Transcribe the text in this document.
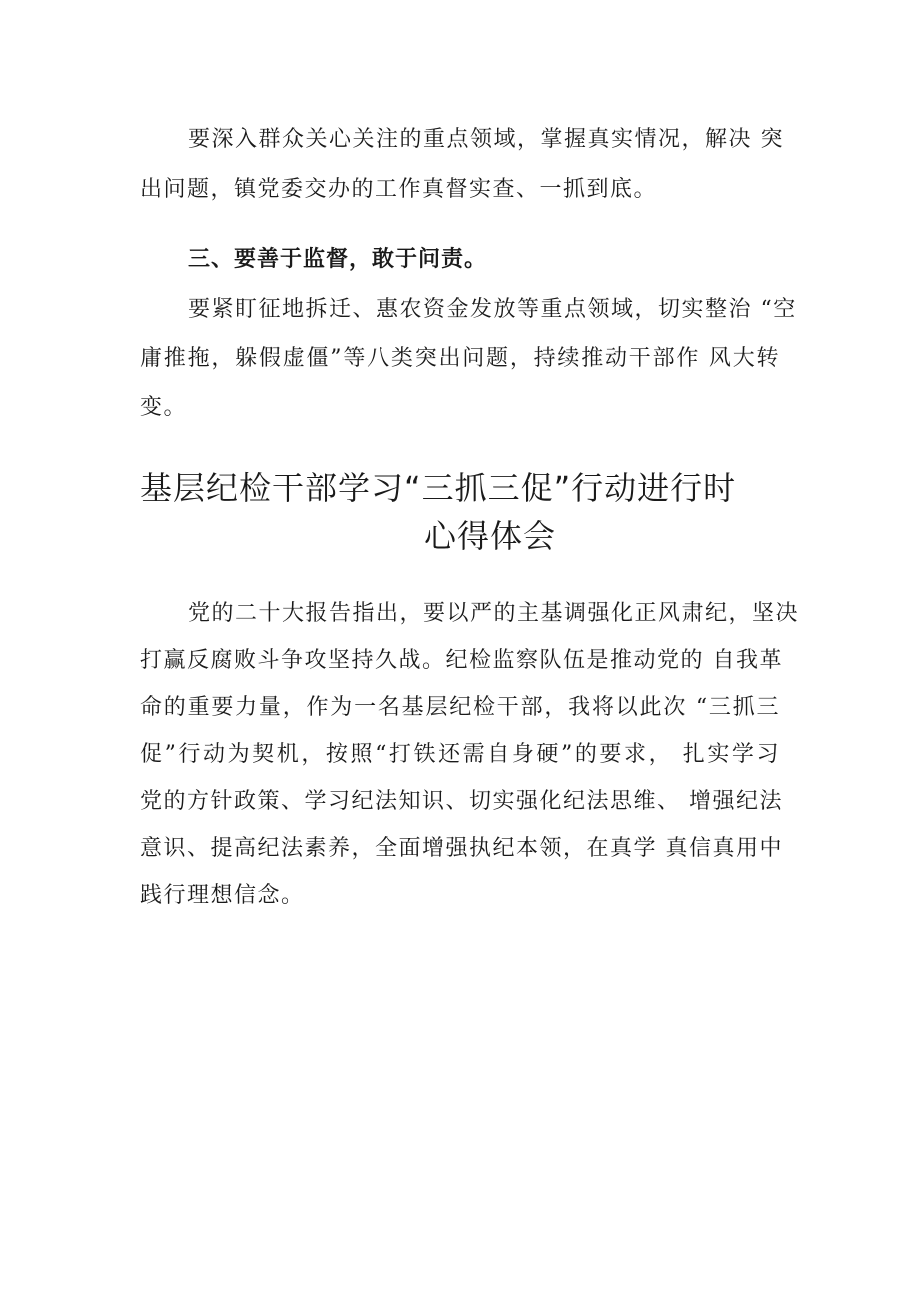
要深入群众关心关注的重点领域，掌握真实情况，解决 突
出问题，镇党委交办的工作真督实查、一抓到底。
三、要善于监督，敢于问责。
要紧盯征地拆迁、惠农资金发放等重点领域，切实整治 “空
庸推拖，躲假虚僵”等八类突出问题，持续推动干部作 风大转
变。
基层纪检干部学习“三抓三促”行动进行时
心得体会
党的二十大报告指出，要以严的主基调强化正风肃纪，坚决
打赢反腐败斗争攻坚持久战。纪检监察队伍是推动党的 自我革
命的重要力量，作为一名基层纪检干部，我将以此次 “三抓三
促”行动为契机，按照“打铁还需自身硬”的要求， 扎实学习
党的方针政策、学习纪法知识、切实强化纪法思维、 增强纪法
意识、提高纪法素养，全面增强执纪本领，在真学 真信真用中
践行理想信念。
